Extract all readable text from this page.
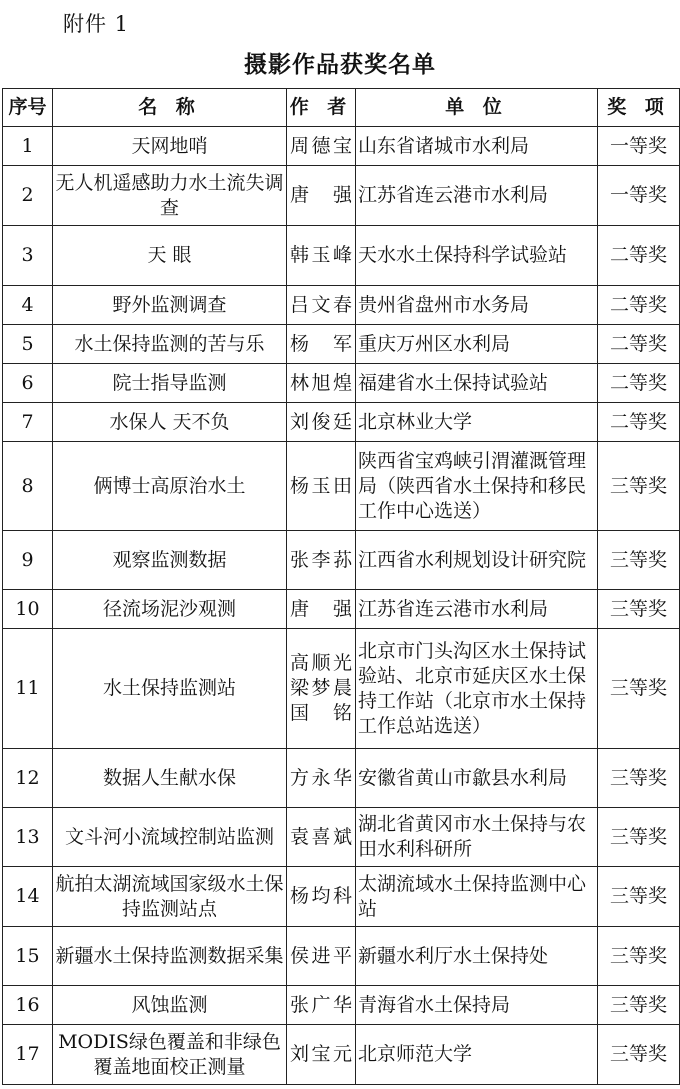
附件 1
摄影作品获奖名单
序号	名 称	作 者	单 位	奖 项
1	天网地哨	周德宝	山东省诸城市水利局	一等奖
2	无人机遥感助力水土流失调查	唐 强	江苏省连云港市水利局	一等奖
3	天 眼	韩玉峰	天水水土保持科学试验站	二等奖
4	野外监测调查	吕文春	贵州省盘州市水务局	二等奖
5	水土保持监测的苦与乐	杨 军	重庆万州区水利局	二等奖
6	院士指导监测	林旭煌	福建省水土保持试验站	二等奖
7	水保人 天不负	刘俊廷	北京林业大学	二等奖
8	俩博士高原治水土	杨玉田	陕西省宝鸡峡引渭灌溉管理局（陕西省水土保持和移民工作中心选送）	三等奖
9	观察监测数据	张李荪	江西省水利规划设计研究院	三等奖
10	径流场泥沙观测	唐 强	江苏省连云港市水利局	三等奖
11	水土保持监测站	高顺光 梁梦晨 国 铭	北京市门头沟区水土保持试验站、北京市延庆区水土保持工作站（北京市水土保持工作总站选送）	三等奖
12	数据人生献水保	方永华	安徽省黄山市歙县水利局	三等奖
13	文斗河小流域控制站监测	袁喜斌	湖北省黄冈市水土保持与农田水利科研所	三等奖
14	航拍太湖流域国家级水土保持监测站点	杨均科	太湖流域水土保持监测中心站	三等奖
15	新疆水土保持监测数据采集	侯进平	新疆水利厅水土保持处	三等奖
16	风蚀监测	张广华	青海省水土保持局	三等奖
17	MODIS绿色覆盖和非绿色覆盖地面校正测量	刘宝元	北京师范大学	三等奖
